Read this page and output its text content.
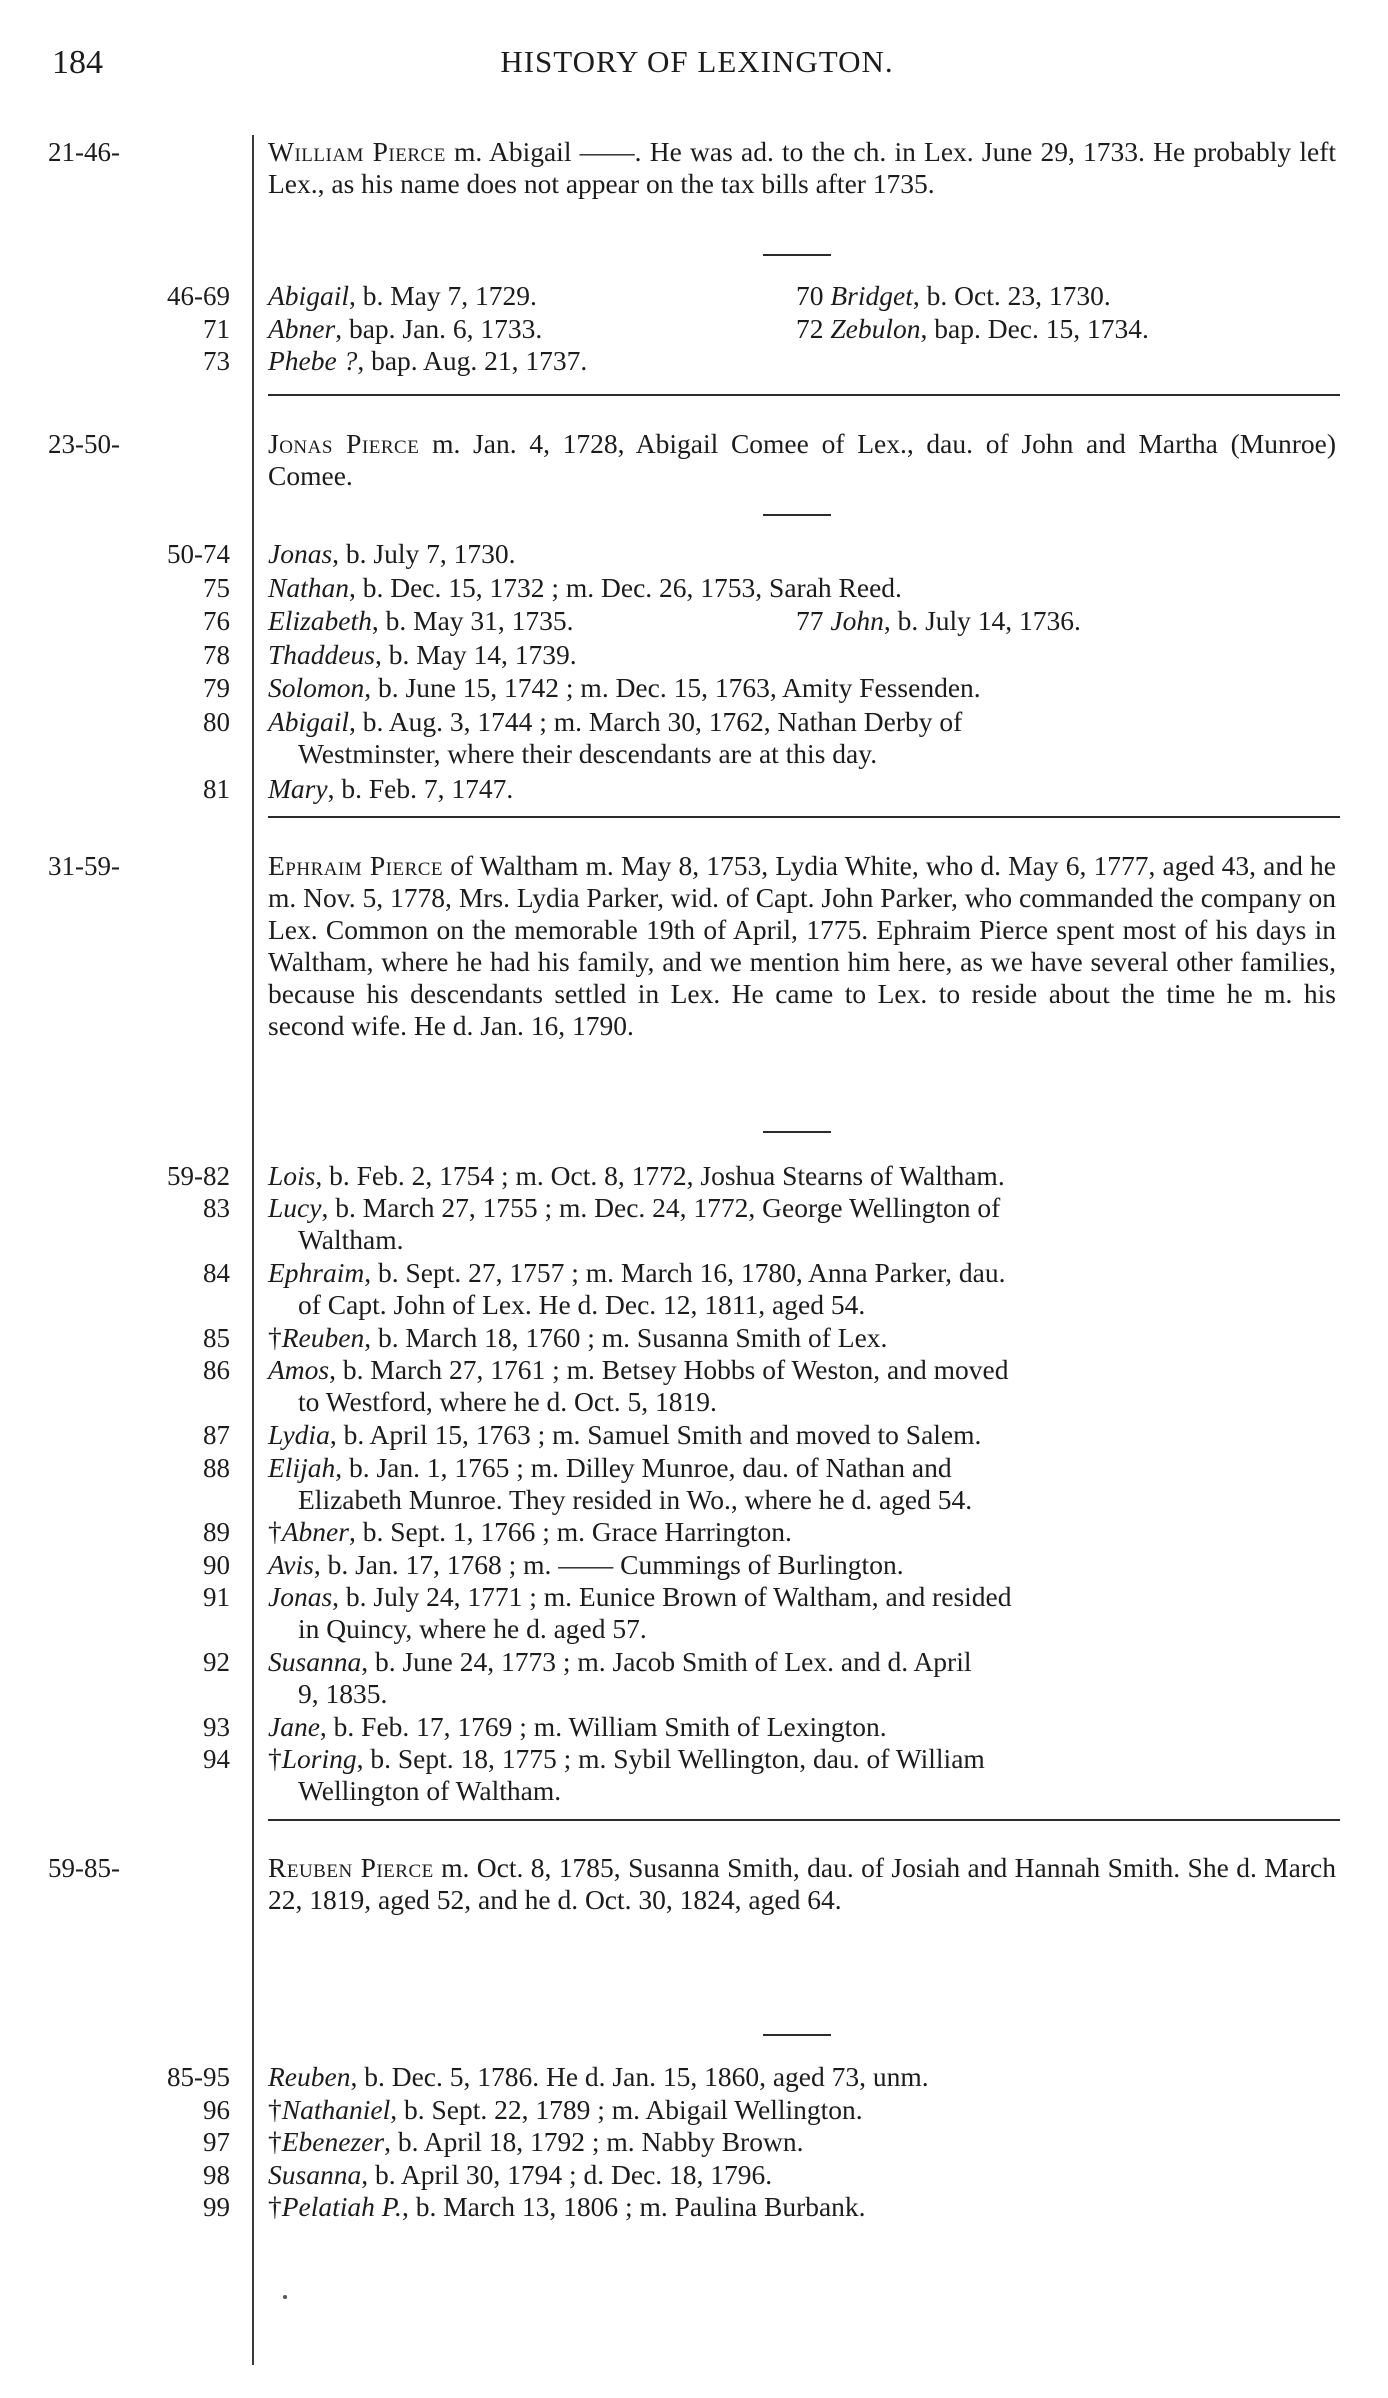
184	HISTORY OF LEXINGTON.
21-46-	William Pierce m. Abigail ——. He was ad. to the ch. in Lex. June 29, 1733. He probably left Lex., as his name does not appear on the tax bills after 1735.
46-69 Abigail, b. May 7, 1729.	70 Bridget, b. Oct. 23, 1730.
71 Abner, bap. Jan. 6, 1733.	72 Zebulon, bap. Dec. 15, 1734.
73 Phebe ?, bap. Aug. 21, 1737.
23-50-	Jonas Pierce m. Jan. 4, 1728, Abigail Comee of Lex., dau. of John and Martha (Munroe) Comee.
50-74 Jonas, b. July 7, 1730.
75 Nathan, b. Dec. 15, 1732 ; m. Dec. 26, 1753, Sarah Reed.
76 Elizabeth, b. May 31, 1735.	77 John, b. July 14, 1736.
78 Thaddeus, b. May 14, 1739.
79 Solomon, b. June 15, 1742 ; m. Dec. 15, 1763, Amity Fessenden.
80 Abigail, b. Aug. 3, 1744 ; m. March 30, 1762, Nathan Derby of
Westminster, where their descendants are at this day.
81 Mary, b. Feb. 7, 1747.
31-59-	Ephraim Pierce of Waltham m. May 8, 1753, Lydia White, who d. May 6, 1777, aged 43, and he m. Nov. 5, 1778, Mrs. Lydia Parker, wid. of Capt. John Parker, who commanded the company on Lex. Common on the memorable 19th of April, 1775. Ephraim Pierce spent most of his days in Waltham, where he had his family, and we mention him here, as we have several other families, because his descendants settled in Lex. He came to Lex. to reside about the time he m. his second wife. He d. Jan. 16, 1790.
59-82 Lois, b. Feb. 2, 1754 ; m. Oct. 8, 1772, Joshua Stearns of Waltham.
83 Lucy, b. March 27, 1755 ; m. Dec. 24, 1772, George Wellington of
Waltham.
84 Ephraim, b. Sept. 27, 1757 ; m. March 16, 1780, Anna Parker, dau.
of Capt. John of Lex. He d. Dec. 12, 1811, aged 54.
85 †Reuben, b. March 18, 1760 ; m. Susanna Smith of Lex.
86 Amos, b. March 27, 1761 ; m. Betsey Hobbs of Weston, and moved
to Westford, where he d. Oct. 5, 1819.
87 Lydia, b. April 15, 1763 ; m. Samuel Smith and moved to Salem.
88 Elijah, b. Jan. 1, 1765 ; m. Dilley Munroe, dau. of Nathan and
Elizabeth Munroe. They resided in Wo., where he d. aged 54.
89 †Abner, b. Sept. 1, 1766 ; m. Grace Harrington.
90 Avis, b. Jan. 17, 1768 ; m. —— Cummings of Burlington.
91 Jonas, b. July 24, 1771 ; m. Eunice Brown of Waltham, and resided
in Quincy, where he d. aged 57.
92 Susanna, b. June 24, 1773 ; m. Jacob Smith of Lex. and d. April
9, 1835.
93 Jane, b. Feb. 17, 1769 ; m. William Smith of Lexington.
94 †Loring, b. Sept. 18, 1775 ; m. Sybil Wellington, dau. of William
Wellington of Waltham.
59-85-	Reuben Pierce m. Oct. 8, 1785, Susanna Smith, dau. of Josiah and Hannah Smith. She d. March 22, 1819, aged 52, and he d. Oct. 30, 1824, aged 64.
85-95 Reuben, b. Dec. 5, 1786. He d. Jan. 15, 1860, aged 73, unm.
96 †Nathaniel, b. Sept. 22, 1789 ; m. Abigail Wellington.
97 †Ebenezer, b. April 18, 1792 ; m. Nabby Brown.
98 Susanna, b. April 30, 1794 ; d. Dec. 18, 1796.
99 †Pelatiah P., b. March 13, 1806 ; m. Paulina Burbank.
